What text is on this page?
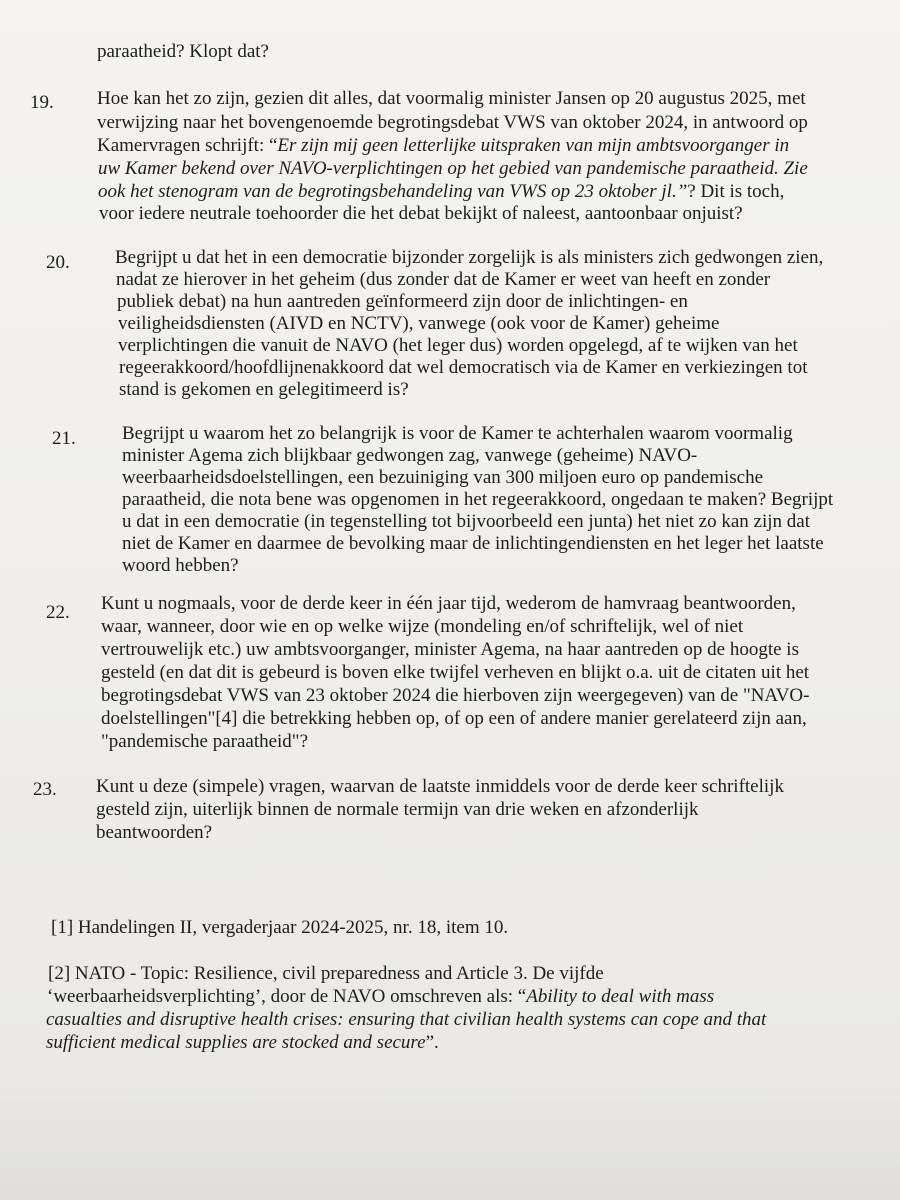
paraatheid? Klopt dat?
19. Hoe kan het zo zijn, gezien dit alles, dat voormalig minister Jansen op 20 augustus 2025, met
verwijzing naar het bovengenoemde begrotingsdebat VWS van oktober 2024, in antwoord op
Kamervragen schrijft: “Er zijn mij geen letterlijke uitspraken van mijn ambtsvoorganger in
uw Kamer bekend over NAVO-verplichtingen op het gebied van pandemische paraatheid. Zie
ook het stenogram van de begrotingsbehandeling van VWS op 23 oktober jl.”? Dit is toch,
voor iedere neutrale toehoorder die het debat bekijkt of naleest, aantoonbaar onjuist?
20. Begrijpt u dat het in een democratie bijzonder zorgelijk is als ministers zich gedwongen zien,
nadat ze hierover in het geheim (dus zonder dat de Kamer er weet van heeft en zonder
publiek debat) na hun aantreden geïnformeerd zijn door de inlichtingen- en
veiligheidsdiensten (AIVD en NCTV), vanwege (ook voor de Kamer) geheime
verplichtingen die vanuit de NAVO (het leger dus) worden opgelegd, af te wijken van het
regeerakkoord/hoofdlijnenakkoord dat wel democratisch via de Kamer en verkiezingen tot
stand is gekomen en gelegitimeerd is?
21. Begrijpt u waarom het zo belangrijk is voor de Kamer te achterhalen waarom voormalig
minister Agema zich blijkbaar gedwongen zag, vanwege (geheime) NAVO-
weerbaarheidsdoelstellingen, een bezuiniging van 300 miljoen euro op pandemische
paraatheid, die nota bene was opgenomen in het regeerakkoord, ongedaan te maken? Begrijpt
u dat in een democratie (in tegenstelling tot bijvoorbeeld een junta) het niet zo kan zijn dat
niet de Kamer en daarmee de bevolking maar de inlichtingendiensten en het leger het laatste
woord hebben?
22. Kunt u nogmaals, voor de derde keer in één jaar tijd, wederom de hamvraag beantwoorden,
waar, wanneer, door wie en op welke wijze (mondeling en/of schriftelijk, wel of niet
vertrouwelijk etc.) uw ambtsvoorganger, minister Agema, na haar aantreden op de hoogte is
gesteld (en dat dit is gebeurd is boven elke twijfel verheven en blijkt o.a. uit de citaten uit het
begrotingsdebat VWS van 23 oktober 2024 die hierboven zijn weergegeven) van de "NAVO-
doelstellingen"[4] die betrekking hebben op, of op een of andere manier gerelateerd zijn aan,
"pandemische paraatheid"?
23. Kunt u deze (simpele) vragen, waarvan de laatste inmiddels voor de derde keer schriftelijk
gesteld zijn, uiterlijk binnen de normale termijn van drie weken en afzonderlijk
beantwoorden?
[1] Handelingen II, vergaderjaar 2024-2025, nr. 18, item 10.
[2] NATO - Topic: Resilience, civil preparedness and Article 3. De vijfde
‘weerbaarheidsverplichting’, door de NAVO omschreven als: “Ability to deal with mass
casualties and disruptive health crises: ensuring that civilian health systems can cope and that
sufficient medical supplies are stocked and secure”.
